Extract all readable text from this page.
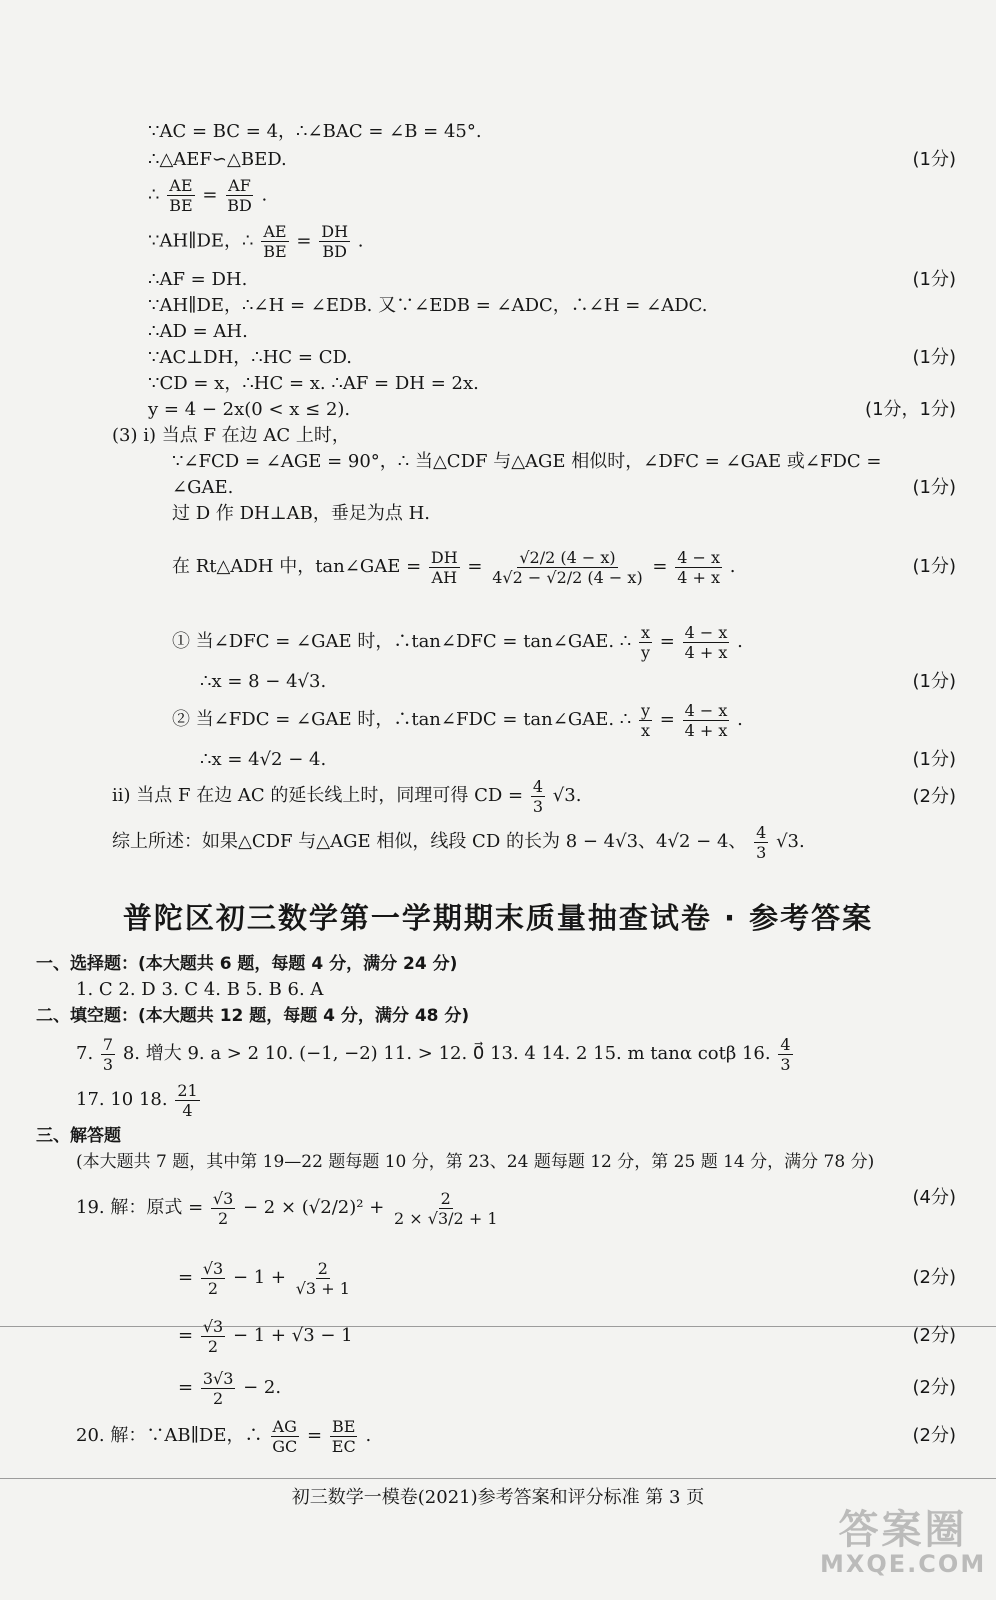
∵AC = BC = 4，∴∠BAC = ∠B = 45°.
∴△AEF∽△BED.	(1分)
∴ $\frac{AE}{BE} = \frac{AF}{BD}$ .
∵AH∥DE，∴ $\frac{AE}{BE} = \frac{DH}{BD}$ .
∴AF = DH.	(1分)
∵AH∥DE，∴∠H = ∠EDB. 又∵∠EDB = ∠ADC，∴∠H = ∠ADC.
∴AD = AH.
∵AC⊥DH，∴HC = CD.	(1分)
∵CD = x，∴HC = x. ∴AF = DH = 2x.
y = 4 − 2x(0 < x ≤ 2).	(1分，1分)
(3) i) 当点 F 在边 AC 上时，
∵∠FCD = ∠AGE = 90°，∴ 当△CDF 与△AGE 相似时，∠DFC = ∠GAE 或∠FDC =
∠GAE.	(1分)
过 D 作 DH⊥AB，垂足为点 H.
在 Rt△ADH 中，tan∠GAE = $\frac{DH}{AH} = \frac{√2/2 (4 - x)}{4√2 - √2/2 (4 - x)} = \frac{4 - x}{4 + x}$ .	(1分)
① 当∠DFC = ∠GAE 时，∴tan∠DFC = tan∠GAE. ∴ $\frac{x}{y} = \frac{4 - x}{4 + x}$ .
∴x = 8 − 4√3.	(1分)
② 当∠FDC = ∠GAE 时，∴tan∠FDC = tan∠GAE. ∴ $\frac{y}{x} = \frac{4 - x}{4 + x}$ .
∴x = 4√2 − 4.	(1分)
ii) 当点 F 在边 AC 的延长线上时，同理可得 CD = $\frac{4}{3} √3$.	(2分)
综上所述：如果△CDF 与△AGE 相似，线段 CD 的长为 8 − 4√3、4√2 − 4、 $\frac{4}{3} √3$.
普陀区初三数学第一学期期末质量抽查试卷 · 参考答案
一、选择题：(本大题共 6 题，每题 4 分，满分 24 分)
1. C 2. D 3. C 4. B 5. B 6. A
二、填空题：(本大题共 12 题，每题 4 分，满分 48 分)
7. $\frac{7}{3} 8$. 增大 9. a > 2 10. (−1, −2) 11. > 12. 0⃗ 13. 4 14. 2 15. m tanα cotβ 16. $\frac{4}{3}$
17. 10 18. $\frac{21}{4}$
三、解答题
(本大题共 7 题，其中第 19—22 题每题 10 分，第 23、24 题每题 12 分，第 25 题 14 分，满分 78 分)
19. 解：原式 = $\frac{√3}{2} - 2 \times (√2/2)^2 + \frac{2}{2 \times √3/2 + 1}$	(4分)
= $\frac{√3}{2} - 1 + \frac{2}{√3 + 1}$	(2分)
= $\frac{√3}{2} - 1 + √3 - 1$	(2分)
= $\frac{3√3}{2} - 2$.	(2分)
20. 解：∵AB∥DE，∴ $\frac{AG}{GC} = \frac{BE}{EC}$ .	(2分)
初三数学一模卷(2021)参考答案和评分标准 第 3 页
答案圈
MXQE.COM
